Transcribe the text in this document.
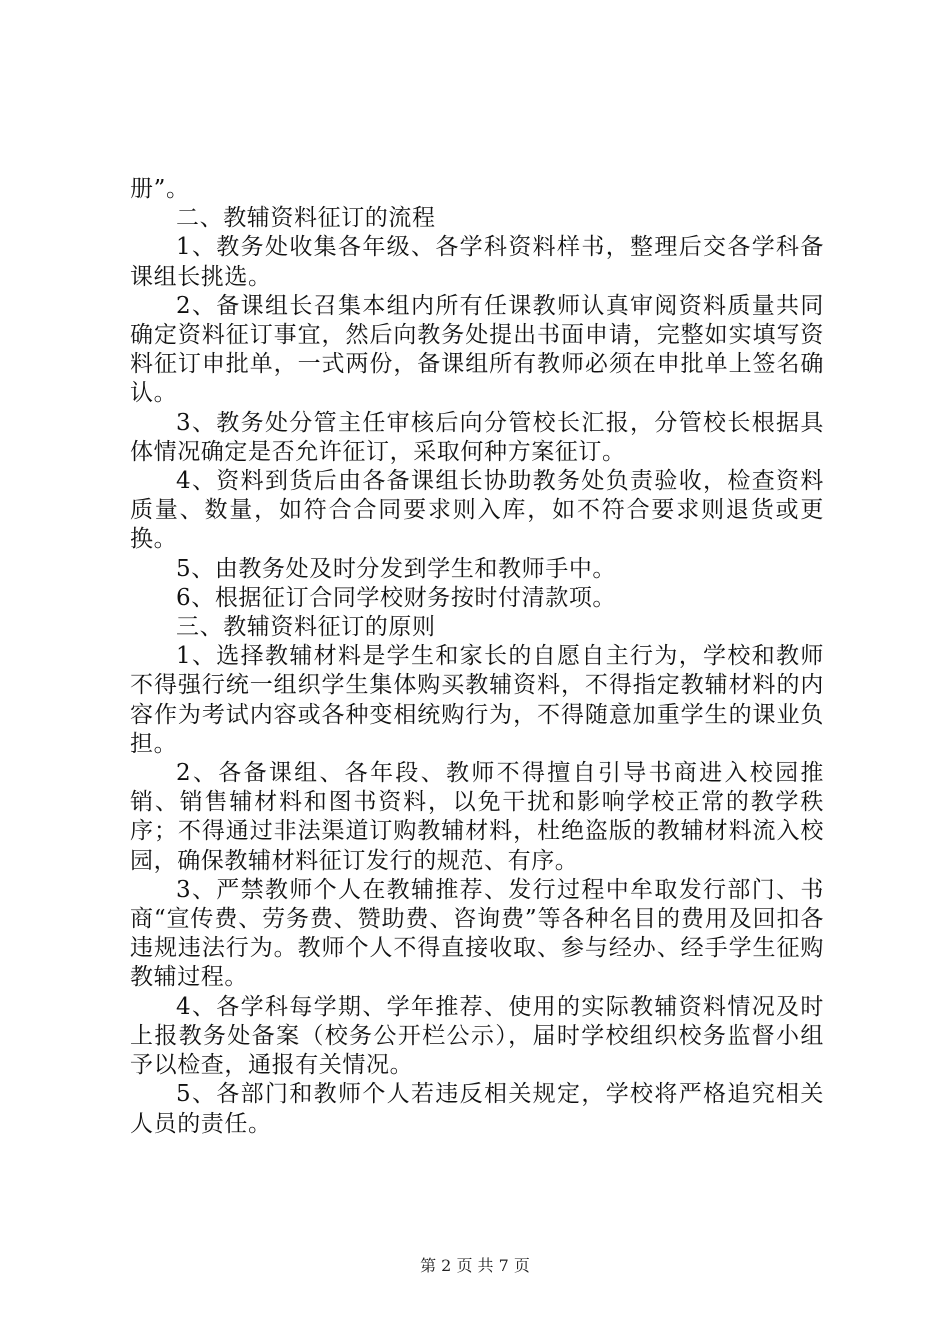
册”。

二、教辅资料征订的流程

1、教务处收集各年级、各学科资料样书，整理后交各学科备课组长挑选。

2、备课组长召集本组内所有任课教师认真审阅资料质量共同确定资料征订事宜，然后向教务处提出书面申请，完整如实填写资料征订申批单，一式两份，备课组所有教师必须在申批单上签名确认。

3、教务处分管主任审核后向分管校长汇报，分管校长根据具体情况确定是否允许征订，采取何种方案征订。

4、资料到货后由各备课组长协助教务处负责验收，检查资料质量、数量，如符合合同要求则入库，如不符合要求则退货或更换。

5、由教务处及时分发到学生和教师手中。

6、根据征订合同学校财务按时付清款项。

三、教辅资料征订的原则

1、选择教辅材料是学生和家长的自愿自主行为，学校和教师不得强行统一组织学生集体购买教辅资料，不得指定教辅材料的内容作为考试内容或各种变相统购行为，不得随意加重学生的课业负担。

2、各备课组、各年段、教师不得擅自引导书商进入校园推销、销售辅材料和图书资料，以免干扰和影响学校正常的教学秩序；不得通过非法渠道订购教辅材料，杜绝盗版的教辅材料流入校园，确保教辅材料征订发行的规范、有序。

3、严禁教师个人在教辅推荐、发行过程中牟取发行部门、书商“宣传费、劳务费、赞助费、咨询费”等各种名目的费用及回扣各违规违法行为。教师个人不得直接收取、参与经办、经手学生征购教辅过程。

4、各学科每学期、学年推荐、使用的实际教辅资料情况及时上报教务处备案（校务公开栏公示），届时学校组织校务监督小组予以检查，通报有关情况。

5、各部门和教师个人若违反相关规定，学校将严格追究相关人员的责任。

第 2 页 共 7 页
